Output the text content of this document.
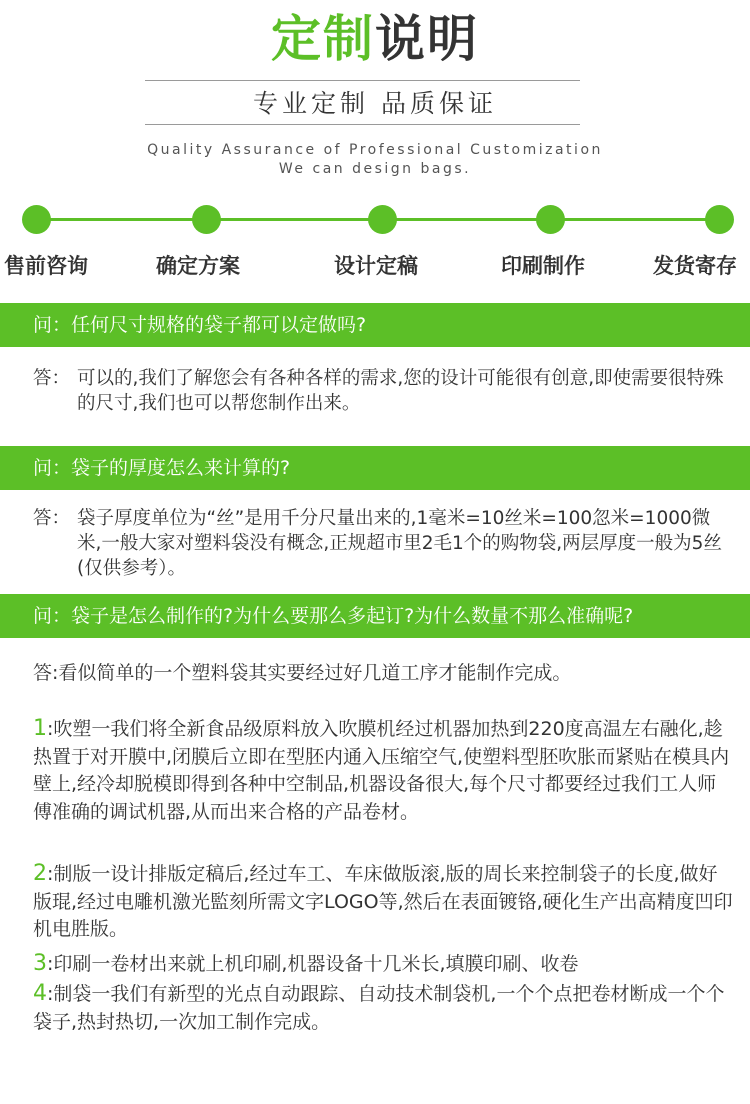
定制说明
专业定制 品质保证
Quality Assurance of Professional Customization
We can design bags.
售前咨询	确定方案	设计定稿	印刷制作	发货寄存
问：任何尺寸规格的袋子都可以定做吗?
答： 可以的,我们了解您会有各种各样的需求,您的设计可能很有创意,即使需要很特殊的尺寸,我们也可以帮您制作出来。
问：袋子的厚度怎么来计算的?
答： 袋子厚度单位为“丝”是用千分尺量出来的,1毫米=10丝米=100忽米=1000微米,一般大家对塑料袋没有概念,正规超市里2毛1个的购物袋,两层厚度一般为5丝(仅供参考）。
问：袋子是怎么制作的?为什么要那么多起订?为什么数量不那么准确呢?
答:看似简单的一个塑料袋其实要经过好几道工序才能制作完成。
1:吹塑一我们将全新食品级原料放入吹膜机经过机器加热到220度高温左右融化,趁热置于对开膜中,闭膜后立即在型胚内通入压缩空气,使塑料型胚吹胀而紧贴在模具内壁上,经冷却脱模即得到各种中空制品,机器设备很大,每个尺寸都要经过我们工人师傅准确的调试机器,从而出来合格的产品卷材。
2:制版一设计排版定稿后,经过车工、车床做版滚,版的周长来控制袋子的长度,做好版琨,经过电雕机激光監刻所需文字LOGO等,然后在表面镀铬,硬化生产出高精度凹印机电胜版。
3:印刷一卷材出来就上机印刷,机器设备十几米长,填膜印刷、收卷
4:制袋一我们有新型的光点自动跟踪、自动技术制袋机,一个个点把卷材断成一个个袋子,热封热切,一次加工制作完成。
